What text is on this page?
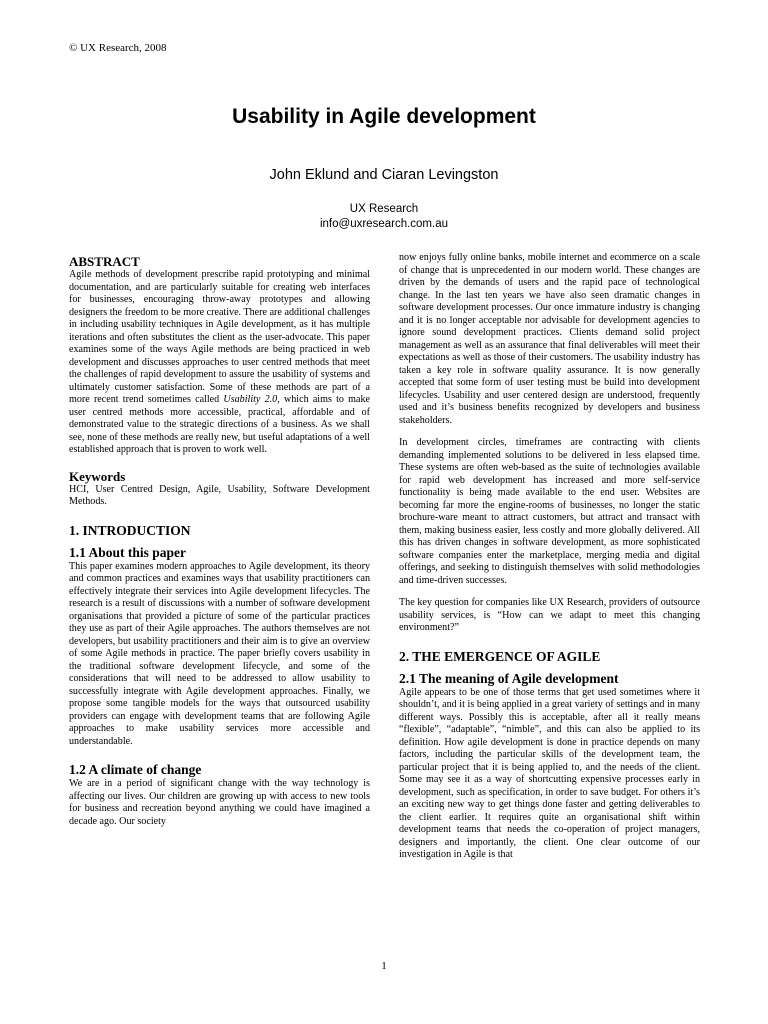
© UX Research, 2008
Usability in Agile development
John Eklund and Ciaran Levingston
UX Research
info@uxresearch.com.au
ABSTRACT

Agile methods of development prescribe rapid prototyping and minimal documentation, and are particularly suitable for creating web interfaces for businesses, encouraging throw-away prototypes and allowing designers the freedom to be more creative. There are additional challenges in including usability techniques in Agile development, as it has multiple iterations and often substitutes the client as the user-advocate. This paper examines some of the ways Agile methods are being practiced in web development and discusses approaches to user centred methods that meet the challenges of rapid development to assure the usability of systems and ultimately customer satisfaction. Some of these methods are part of a more recent trend sometimes called Usability 2.0, which aims to make user centred methods more accessible, practical, affordable and of demonstrated value to the strategic directions of a business. As we shall see, none of these methods are really new, but useful adaptations of a well established approach that is proven to work well.

Keywords

HCI, User Centred Design, Agile, Usability, Software Development Methods.

1. INTRODUCTION
1.1 About this paper

This paper examines modern approaches to Agile development, its theory and common practices and examines ways that usability practitioners can effectively integrate their services into Agile development lifecycles. The research is a result of discussions with a number of software development organisations that provided a picture of some of the particular practices they use as part of their Agile approaches. The authors themselves are not developers, but usability practitioners and their aim is to give an overview of some Agile methods in practice. The paper briefly covers usability in the traditional software development lifecycle, and some of the considerations that will need to be addressed to allow usability to successfully integrate with Agile development approaches. Finally, we propose some tangible models for the ways that outsourced usability providers can engage with development teams that are following Agile approaches to make usability services more accessible and understandable.

1.2 A climate of change

We are in a period of significant change with the way technology is affecting our lives. Our children are growing up with access to new tools for business and recreation beyond anything we could have imagined a decade ago. Our society

now enjoys fully online banks, mobile internet and ecommerce on a scale of change that is unprecedented in our modern world. These changes are driven by the demands of users and the rapid pace of technological change. In the last ten years we have also seen dramatic changes in software development processes. Our once immature industry is changing and it is no longer acceptable nor advisable for development agencies to ignore sound development practices. Clients demand solid project management as well as an assurance that final deliverables will meet their expectations as well as those of their customers. The usability industry has taken a key role in software quality assurance. It is now generally accepted that some form of user testing must be build into development lifecycles. Usability and user centered design are understood, frequently used and it’s business benefits recognized by developers and business stakeholders.

In development circles, timeframes are contracting with clients demanding implemented solutions to be delivered in less elapsed time. These systems are often web-based as the suite of technologies available for rapid web development has increased and more self-service functionality is being made available to the end user. Websites are becoming far more the engine-rooms of businesses, no longer the static brochure-ware meant to attract customers, but attract and transact with them, making business easier, less costly and more globally delivered. All this has driven changes in software development, as more sophisticated software companies enter the marketplace, merging media and digital offerings, and seeking to distinguish themselves with solid methodologies and time-driven successes.

The key question for companies like UX Research, providers of outsource usability services, is “How can we adapt to meet this changing environment?”

2. THE EMERGENCE OF AGILE
2.1 The meaning of Agile development

Agile appears to be one of those terms that get used sometimes where it shouldn’t, and it is being applied in a great variety of settings and in many different ways. Possibly this is acceptable, after all it really means “flexible”, “adaptable”, “nimble”, and this can also be applied to its definition. How agile development is done in practice depends on many factors, including the particular skills of the development team, the particular project that it is being applied to, and the needs of the client. Some may see it as a way of shortcutting expensive processes early in development, such as specification, in order to save budget. For others it’s an exciting new way to get things done faster and getting deliverables to the client earlier. It requires quite an organisational shift within development teams that needs the co-operation of project managers, designers and importantly, the client. One clear outcome of our investigation in Agile is that

1
